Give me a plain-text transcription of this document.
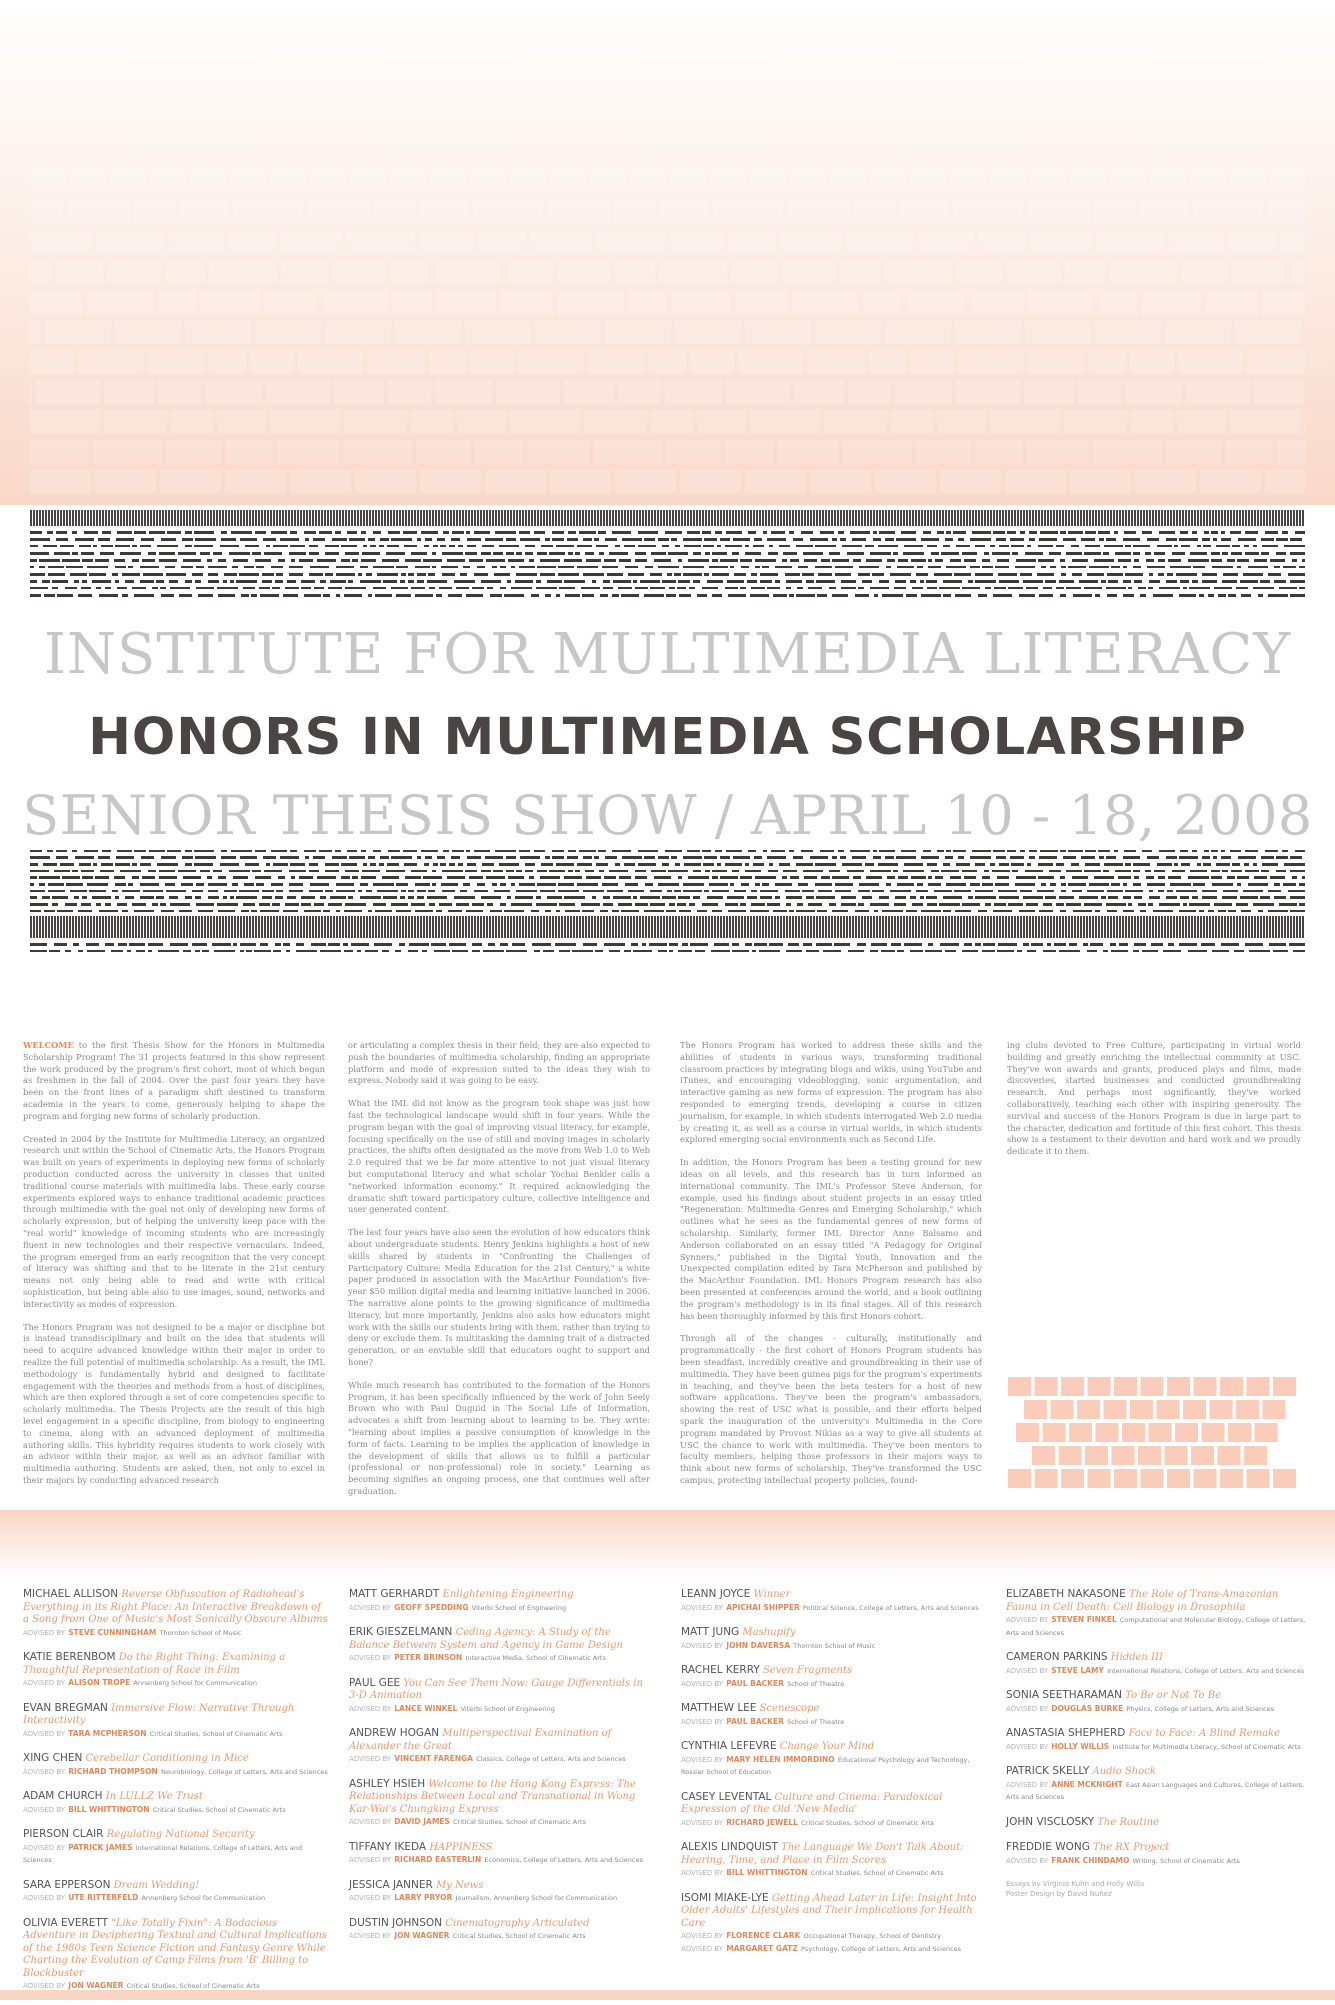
INSTITUTE FOR MULTIMEDIA LITERACY
HONORS IN MULTIMEDIA SCHOLARSHIP
SENIOR THESIS SHOW / APRIL 10 - 18, 2008

WELCOME to the first Thesis Show for the Honors in Multimedia Scholarship Program! The 31 projects featured in this show represent the work produced by the program's first cohort, most of which began as freshmen in the fall of 2004. Over the past four years they have been on the front lines of a paradigm shift destined to transform academia in the years to come, generously helping to shape the program and forging new forms of scholarly production.

Created in 2004 by the Institute for Multimedia Literacy, an organized research unit within the School of Cinematic Arts, the Honors Program was built on years of experiments in deploying new forms of scholarly production conducted across the university in classes that united traditional course materials with multimedia labs. These early course experiments explored ways to enhance traditional academic practices through multimedia with the goal not only of developing new forms of scholarly expression, but of helping the university keep pace with the "real world" knowledge of incoming students who are increasingly fluent in new technologies and their respective vernaculars. Indeed, the program emerged from an early recognition that the very concept of literacy was shifting and that to be literate in the 21st century means not only being able to read and write with critical sophistication, but being able also to use images, sound, networks and interactivity as modes of expression.

The Honors Program was not designed to be a major or discipline but is instead transdisciplinary and built on the idea that students will need to acquire advanced knowledge within their major in order to realize the full potential of multimedia scholarship. As a result, the IML methodology is fundamentally hybrid and designed to facilitate engagement with the theories and methods from a host of disciplines, which are then explored through a set of core competencies specific to scholarly multimedia. The Thesis Projects are the result of this high level engagement in a specific discipline, from biology to engineering to cinema, along with an advanced deployment of multimedia authoring skills. This hybridity requires students to work closely with an advisor within their major, as well as an advisor familiar with multimedia authoring. Students are asked, then, not only to excel in their majors by conducting advanced research

or articulating a complex thesis in their field; they are also expected to push the boundaries of multimedia scholarship, finding an appropriate platform and mode of expression suited to the ideas they wish to express. Nobody said it was going to be easy.

What the IML did not know as the program took shape was just how fast the technological landscape would shift in four years. While the program began with the goal of improving visual literacy, for example, focusing specifically on the use of still and moving images in scholarly practices, the shifts often designated as the move from Web 1.0 to Web 2.0 required that we be far more attentive to not just visual literacy but computational literacy and what scholar Yochai Benkler calls a "networked information economy." It required acknowledging the dramatic shift toward participatory culture, collective intelligence and user generated content.

The last four years have also seen the evolution of how educators think about undergraduate students. Henry Jenkins highlights a host of new skills shared by students in "Confronting the Challenges of Participatory Culture: Media Education for the 21st Century," a white paper produced in association with the MacArthur Foundation's five-year $50 million digital media and learning initiative launched in 2006. The narrative alone points to the growing significance of multimedia literacy, but more importantly, Jenkins also asks how educators might work with the skills our students bring with them, rather than trying to deny or exclude them. Is multitasking the damning trait of a distracted generation, or an enviable skill that educators ought to support and hone?

While much research has contributed to the formation of the Honors Program, it has been specifically influenced by the work of John Seely Brown who with Paul Duguid in The Social Life of Information, advocates a shift from learning about to learning to be. They write: "learning about implies a passive consumption of knowledge in the form of facts. Learning to be implies the application of knowledge in the development of skills that allows us to fulfill a particular (professional or non-professional) role in society." Learning as becoming signifies an ongoing process, one that continues well after graduation.

The Honors Program has worked to address these skills and the abilities of students in various ways, transforming traditional classroom practices by integrating blogs and wikis, using YouTube and iTunes, and encouraging videoblogging, sonic argumentation, and interactive gaming as new forms of expression. The program has also responded to emerging trends, developing a course in citizen journalism, for example, in which students interrogated Web 2.0 media by creating it, as well as a course in virtual worlds, in which students explored emerging social environments such as Second Life.

In addition, the Honors Program has been a testing ground for new ideas on all levels, and this research has in turn informed an international community. The IML's Professor Steve Anderson, for example, used his findings about student projects in an essay titled "Regeneration: Multimedia Genres and Emerging Scholarship," which outlines what he sees as the fundamental genres of new forms of scholarship. Similarly, former IML Director Anne Balsamo and Anderson collaborated on an essay titled "A Pedagogy for Original Synners," published in the Digital Youth, Innovation and the Unexpected compilation edited by Tara McPherson and published by the MacArthur Foundation. IML Honors Program research has also been presented at conferences around the world, and a book outlining the program's methodology is in its final stages. All of this research has been thoroughly informed by this first Honors cohort.

Through all of the changes - culturally, institutionally and programmatically - the first cohort of Honors Program students has been steadfast, incredibly creative and groundbreaking in their use of multimedia. They have been guinea pigs for the program's experiments in teaching, and they've been the beta testers for a host of new software applications. They've been the program's ambassadors, showing the rest of USC what is possible, and their efforts helped spark the inauguration of the university's Multimedia in the Core program mandated by Provost Nikias as a way to give all students at USC the chance to work with multimedia. They've been mentors to faculty members, helping those professors in their majors ways to think about new forms of scholarship. They've transformed the USC campus, protecting intellectual property policies, found-

ing clubs devoted to Free Culture, participating in virtual world building and greatly enriching the intellectual community at USC. They've won awards and grants, produced plays and films, made discoveries, started businesses and conducted groundbreaking research. And perhaps most significantly, they've worked collaboratively, teaching each other with inspiring generosity. The survival and success of the Honors Program is due in large part to the character, dedication and fortitude of this first cohort. This thesis show is a testament to their devotion and hard work and we proudly dedicate it to them.

MICHAEL ALLISON Reverse Obfuscation of Radiohead's Everything in its Right Place: An Interactive Breakdown of a Song from One of Music's Most Sonically Obscure Albums
ADVISED BY STEVE CUNNINGHAM Thornton School of Music
KATIE BERENBOM Do the Right Thing: Examining a Thoughtful Representation of Race in Film
ADVISED BY ALISON TROPE Annenberg School for Communication
EVAN BREGMAN Immersive Flow: Narrative Through Interactivity
ADVISED BY TARA MCPHERSON Critical Studies, School of Cinematic Arts
XING CHEN Cerebellar Conditioning in Mice
ADVISED BY RICHARD THOMPSON Neurobiology, College of Letters, Arts and Sciences
ADAM CHURCH In LULLZ We Trust
ADVISED BY BILL WHITTINGTON Critical Studies, School of Cinematic Arts
PIERSON CLAIR Regulating National Security
ADVISED BY PATRICK JAMES International Relations, College of Letters, Arts and Sciences
SARA EPPERSON Dream Wedding!
ADVISED BY UTE RITTERFELD Annenberg School for Communication
OLIVIA EVERETT "Like Totally Fixin": A Bodacious Adventure in Deciphering Textual and Cultural Implications of the 1980s Teen Science Fiction and Fantasy Genre While Charting the Evolution of Camp Films from 'B' Billing to Blockbuster
ADVISED BY JON WAGNER Critical Studies, School of Cinematic Arts
MATT GERHARDT Enlightening Engineering
ADVISED BY GEOFF SPEDDING Viterbi School of Engineering
ERIK GIESZELMANN Ceding Agency: A Study of the Balance Between System and Agency in Game Design
ADVISED BY PETER BRINSON Interactive Media, School of Cinematic Arts
PAUL GEE You Can See Them Now: Gauge Differentials in 3-D Animation
ADVISED BY LANCE WINKEL Viterbi School of Engineering
ANDREW HOGAN Multiperspectival Examination of Alexander the Great
ADVISED BY VINCENT FARENGA Classics, College of Letters, Arts and Sciences
ASHLEY HSIEH Welcome to the Hong Kong Express: The Relationships Between Local and Transnational in Wong Kar-Wai's Chungking Express
ADVISED BY DAVID JAMES Critical Studies, School of Cinematic Arts
TIFFANY IKEDA HAPPINESS
ADVISED BY RICHARD EASTERLIN Economics, College of Letters, Arts and Sciences
JESSICA JANNER My News
ADVISED BY LARRY PRYOR Journalism, Annenberg School for Communication
DUSTIN JOHNSON Cinematography Articulated
ADVISED BY JON WAGNER Critical Studies, School of Cinematic Arts
LEANN JOYCE Winner
ADVISED BY APICHAI SHIPPER Political Science, College of Letters, Arts and Sciences
MATT JUNG Mashupify
ADVISED BY JOHN DAVERSA Thornton School of Music
RACHEL KERRY Seven Fragments
ADVISED BY PAUL BACKER School of Theatre
MATTHEW LEE Scenescope
ADVISED BY PAUL BACKER School of Theatre
CYNTHIA LEFEVRE Change Your Mind
ADVISED BY MARY HELEN IMMORDINO Educational Psychology and Technology, Rossier School of Education
CASEY LEVENTAL Culture and Cinema: Paradoxical Expression of the Old 'New Media'
ADVISED BY RICHARD JEWELL Critical Studies, School of Cinematic Arts
ALEXIS LINDQUIST The Language We Don't Talk About: Hearing, Time, and Place in Film Scores
ADVISED BY BILL WHITTINGTON Critical Studies, School of Cinematic Arts
ISOMI MIAKE-LYE Getting Ahead Later in Life: Insight Into Older Adults' Lifestyles and Their Implications for Health Care
ADVISED BY FLORENCE CLARK Occupational Therapy, School of Dentistry
ADVISED BY MARGARET GATZ Psychology, College of Letters, Arts and Sciences
ELIZABETH NAKASONE The Role of Trans-Amazonian Fauna in Cell Death: Cell Biology in Drosophila
ADVISED BY STEVEN FINKEL Computational and Molecular Biology, College of Letters, Arts and Sciences
CAMERON PARKINS Hidden III
ADVISED BY STEVE LAMY International Relations, College of Letters, Arts and Sciences
SONIA SEETHARAMAN To Be or Not To Be
ADVISED BY DOUGLAS BURKE Physics, College of Letters, Arts and Sciences
ANASTASIA SHEPHERD Face to Face: A Blind Remake
ADVISED BY HOLLY WILLIS Institute for Multimedia Literacy, School of Cinematic Arts
PATRICK SKELLY Audio Shock
ADVISED BY ANNE MCKNIGHT East Asian Languages and Cultures, College of Letters, Arts and Sciences
JOHN VISCLOSKY The Routine
FREDDIE WONG The RX Project
ADVISED BY FRANK CHINDAMO Writing, School of Cinematic Arts
Essays by Virginia Kuhn and Holly Willis
Poster Design by David Nuñez
